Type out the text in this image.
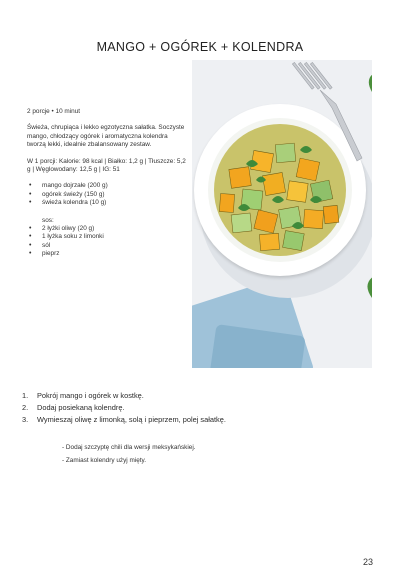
MANGO + OGÓREK + KOLENDRA
2 porcje • 10 minut
Świeża, chrupiąca i lekko egzotyczna sałatka. Soczyste mango, chłodzący ogórek i aromatyczna kolendra tworzą lekki, idealnie zbalansowany zestaw.
W 1 porcji: Kalorie: 98 kcal | Białko: 1,2 g | Tłuszcze: 5,2 g | Węglowodany: 12,5 g | IG: 51
• mango dojrzałe (200 g)
• ogórek świeży (150 g)
• świeża kolendra (10 g)
sos:
• 2 łyżki oliwy (20 g)
• 1 łyżka soku z limonki
• sól
• pieprz
1. Pokrój mango i ogórek w kostkę.
2. Dodaj posiekaną kolendrę.
3. Wymieszaj oliwę z limonką, solą i pieprzem, polej sałatkę.
- Dodaj szczyptę chili dla wersji meksykańskiej.
- Zamiast kolendry użyj mięty.
23
